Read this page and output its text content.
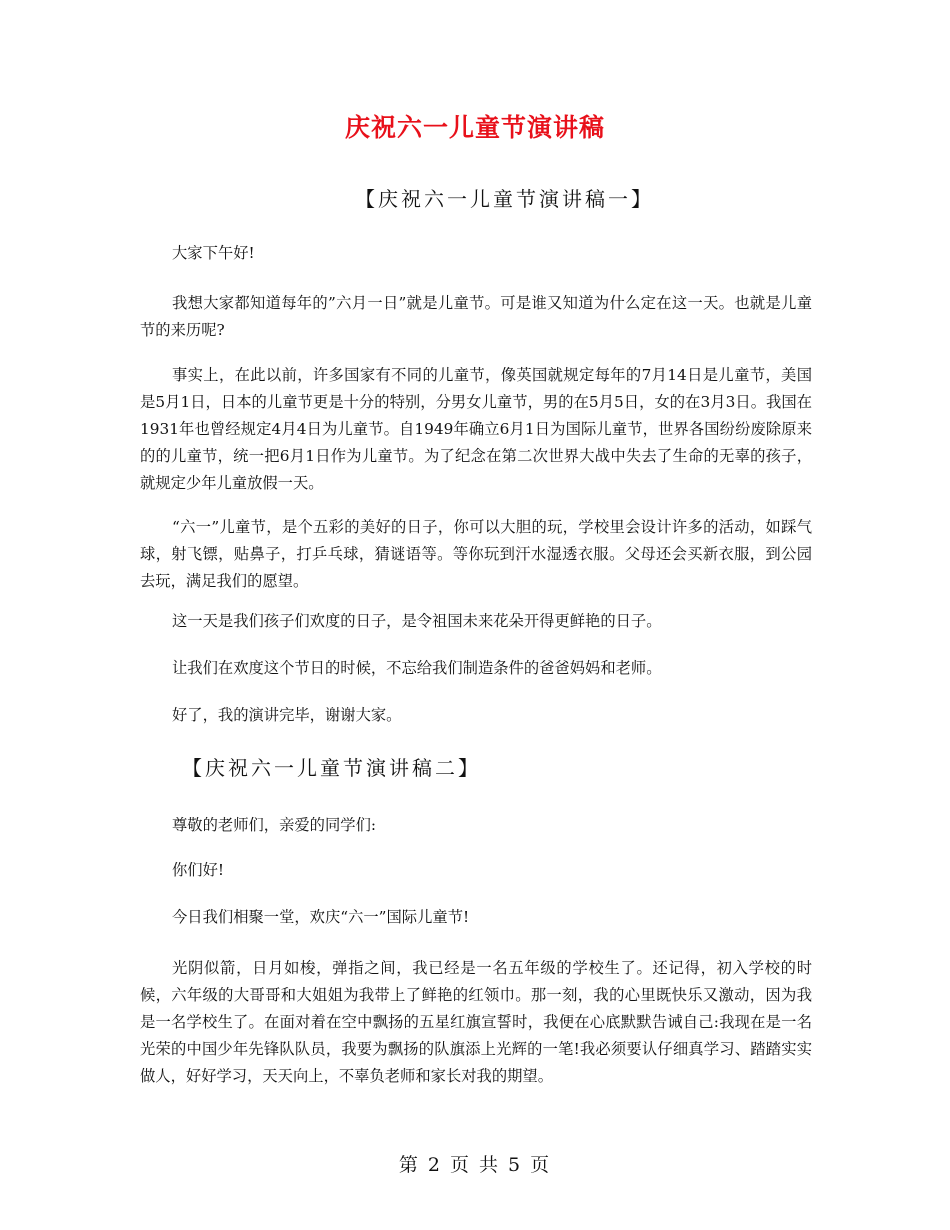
庆祝六一儿童节演讲稿
【庆祝六一儿童节演讲稿一】
大家下午好!
我想大家都知道每年的”六月一日”就是儿童节。可是谁又知道为什么定在这一天。也就是儿童节的来历呢?
事实上，在此以前，许多国家有不同的儿童节，像英国就规定每年的7月14日是儿童节，美国是5月1日，日本的儿童节更是十分的特别，分男女儿童节，男的在5月5日，女的在3月3日。我国在1931年也曾经规定4月4日为儿童节。自1949年确立6月1日为国际儿童节，世界各国纷纷废除原来的的儿童节，统一把6月1日作为儿童节。为了纪念在第二次世界大战中失去了生命的无辜的孩子，就规定少年儿童放假一天。
“六一”儿童节，是个五彩的美好的日子，你可以大胆的玩，学校里会设计许多的活动，如踩气球，射飞镖，贴鼻子，打乒乓球，猜谜语等。等你玩到汗水湿透衣服。父母还会买新衣服，到公园去玩，满足我们的愿望。
这一天是我们孩子们欢度的日子，是令祖国未来花朵开得更鲜艳的日子。
让我们在欢度这个节日的时候，不忘给我们制造条件的爸爸妈妈和老师。
好了，我的演讲完毕，谢谢大家。
【庆祝六一儿童节演讲稿二】
尊敬的老师们，亲爱的同学们:
你们好!
今日我们相聚一堂，欢庆“六一”国际儿童节!
光阴似箭，日月如梭，弹指之间，我已经是一名五年级的学校生了。还记得，初入学校的时候，六年级的大哥哥和大姐姐为我带上了鲜艳的红领巾。那一刻，我的心里既快乐又激动，因为我是一名学校生了。在面对着在空中飘扬的五星红旗宣誓时，我便在心底默默告诫自己:我现在是一名光荣的中国少年先锋队队员，我要为飘扬的队旗添上光辉的一笔!我必须要认仔细真学习、踏踏实实做人，好好学习，天天向上，不辜负老师和家长对我的期望。
第 2 页 共 5 页
